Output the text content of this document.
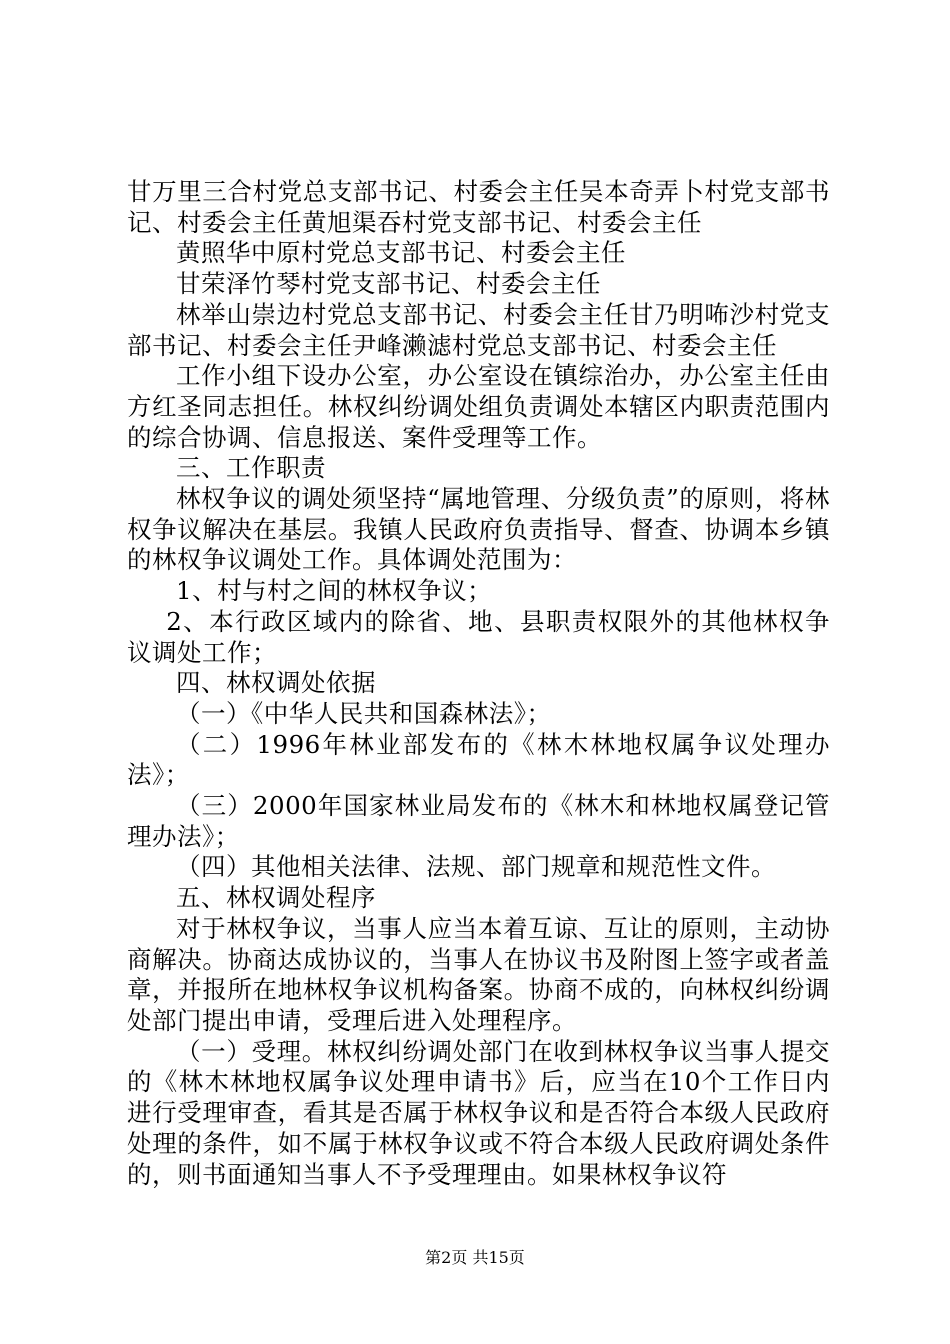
甘万里三合村党总支部书记、村委会主任吴本奇弄卜村党支部书记、村委会主任黄旭渠吞村党支部书记、村委会主任

黄照华中原村党总支部书记、村委会主任

甘荣泽竹琴村党支部书记、村委会主任

林举山崇边村党总支部书记、村委会主任甘乃明咘沙村党支部书记、村委会主任尹峰濑滤村党总支部书记、村委会主任

工作小组下设办公室，办公室设在镇综治办，办公室主任由方红圣同志担任。林权纠纷调处组负责调处本辖区内职责范围内的综合协调、信息报送、案件受理等工作。

三、工作职责

林权争议的调处须坚持“属地管理、分级负责”的原则，将林权争议解决在基层。我镇人民政府负责指导、督查、协调本乡镇的林权争议调处工作。具体调处范围为：

1、村与村之间的林权争议；

2、本行政区域内的除省、地、县职责权限外的其他林权争议调处工作；

四、林权调处依据

（一）《中华人民共和国森林法》；

（二）1996年林业部发布的《林木林地权属争议处理办法》；

（三）2000年国家林业局发布的《林木和林地权属登记管理办法》；

（四）其他相关法律、法规、部门规章和规范性文件。

五、林权调处程序

对于林权争议，当事人应当本着互谅、互让的原则，主动协商解决。协商达成协议的，当事人在协议书及附图上签字或者盖章，并报所在地林权争议机构备案。协商不成的，向林权纠纷调处部门提出申请，受理后进入处理程序。

（一）受理。林权纠纷调处部门在收到林权争议当事人提交的《林木林地权属争议处理申请书》后，应当在10个工作日内进行受理审查，看其是否属于林权争议和是否符合本级人民政府处理的条件，如不属于林权争议或不符合本级人民政府调处条件的，则书面通知当事人不予受理理由。如果林权争议符

第2页 共15页
